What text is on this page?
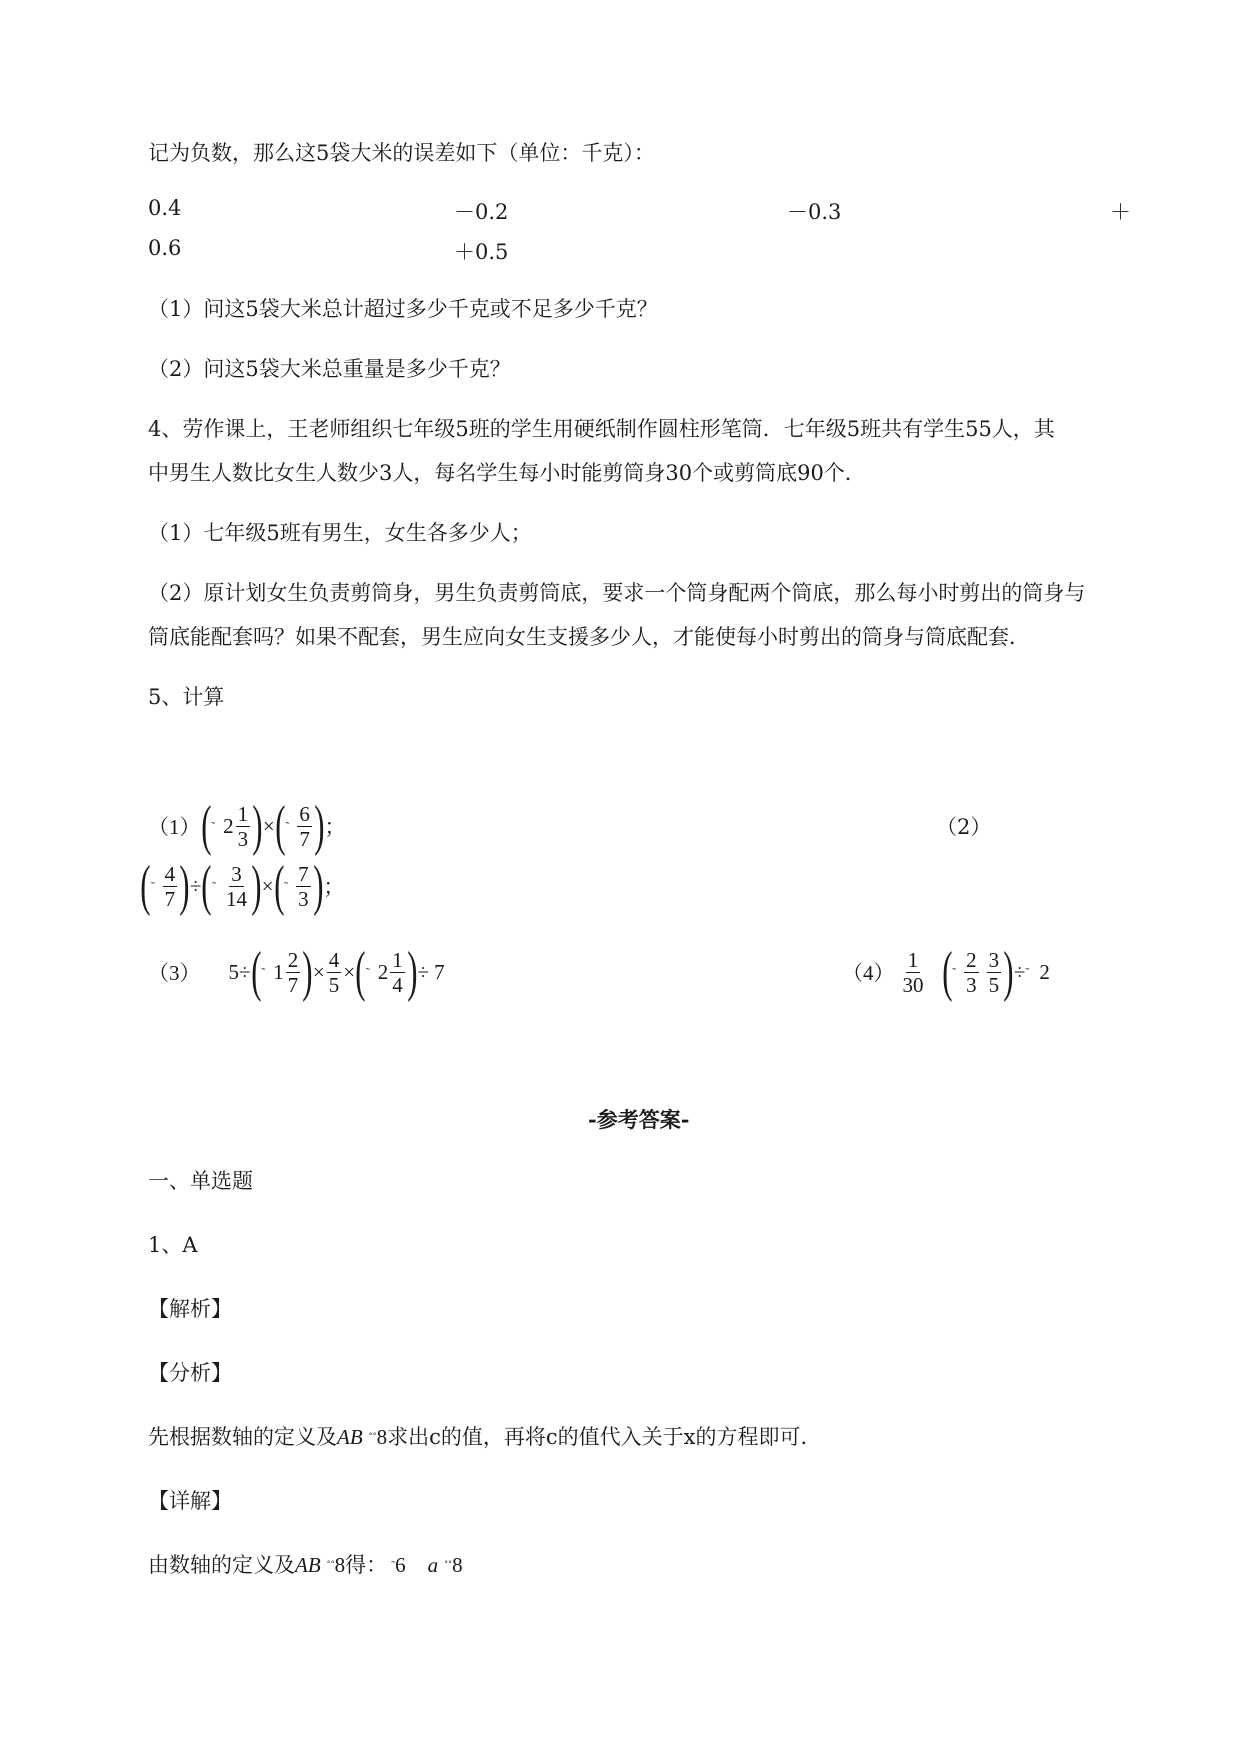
记为负数，那么这5袋大米的误差如下（单位：千克）：
0.4	－0.2	－0.3	＋
0.6	＋0.5
（1）问这5袋大米总计超过多少千克或不足多少千克？
（2）问这5袋大米总重量是多少千克？
4、劳作课上，王老师组织七年级5班的学生用硬纸制作圆柱形笔筒．七年级5班共有学生55人，其
中男生人数比女生人数少3人，每名学生每小时能剪筒身30个或剪筒底90个．
（1）七年级5班有男生，女生各多少人；
（2）原计划女生负责剪筒身，男生负责剪筒底，要求一个筒身配两个筒底，那么每小时剪出的筒身与
筒底能配套吗？如果不配套，男生应向女生支援多少人，才能使每小时剪出的筒身与筒底配套．
5、计算
（1） ( ˜ $2 \frac{1}{3}$ ) × ( ˜ $\frac{6}{7}$ ) ；	（2）
( ˜ $\frac{4}{7}$ ) ÷ ( ˜ $\frac{3}{14}$ ) × ( ˜ $\frac{7}{3}$ ) ；
（3） 5 ÷ ( ˜ $1 \frac{2}{7}$ ) × $\frac{4}{5}$ × ( ˜ $2 \frac{1}{4}$ ) ÷ 7	$(4) \frac{1}{30}$ ( ˜ $\frac{2}{3} \frac{3}{5}$ ) ÷ ˜ 2
-参考答案-
一、单选题
1、A
【解析】
【分析】
先根据数轴的定义及AB ˚˚8求出c的值，再将c的值代入关于x的方程即可．
【详解】
由数轴的定义及AB ˚˚8得： ˜6 a ˚˚8
